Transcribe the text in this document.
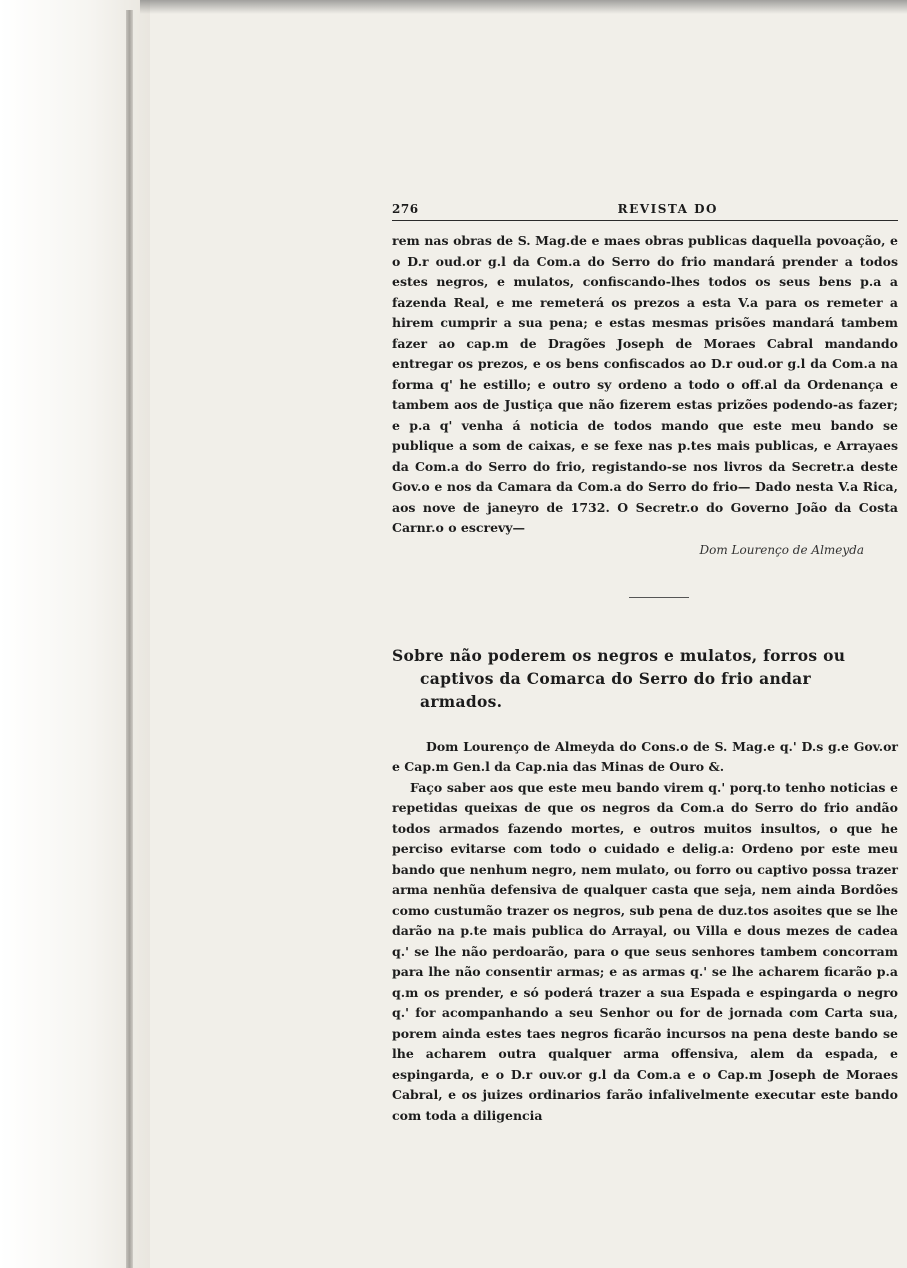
276	REVISTA DO

rem nas obras de S. Mag.de e maes obras publicas daquella povoação, e o D.r oud.or g.l da Com.a do Serro do frio mandará prender a todos estes negros, e mulatos, confiscando-lhes todos os seus bens p.a a fazenda Real, e me remeterá os prezos a esta V.a para os remeter a hirem cumprir a sua pena; e estas mesmas prisões mandará tambem fazer ao cap.m de Dragões Joseph de Moraes Cabral mandando entregar os prezos, e os bens confiscados ao D.r oud.or g.l da Com.a na forma q' he estillo; e outro sy ordeno a todo o off.al da Ordenança e tambem aos de Justiça que não fizerem estas prizões podendo-as fazer; e p.a q' venha á noticia de todos mando que este meu bando se publique a som de caixas, e se fexe nas p.tes mais publicas, e Arrayaes da Com.a do Serro do frio, registando-se nos livros da Secretr.a deste Gov.o e nos da Camara da Com.a do Serro do frio— Dado nesta V.a Rica, aos nove de janeyro de 1732. O Secretr.o do Governo João da Costa Carnr.o o escrevy—

Dom Lourenço de Almeyda
Sobre não poderem os negros e mulatos, forros ou captivos da Comarca do Serro do frio andar armados.

Dom Lourenço de Almeyda do Cons.o de S. Mag.e q.' D.s g.e Gov.or e Cap.m Gen.l da Cap.nia das Minas de Ouro &.

Faço saber aos que este meu bando virem q.' porq.to tenho noticias e repetidas queixas de que os negros da Com.a do Serro do frio andão todos armados fazendo mortes, e outros muitos insultos, o que he perciso evitarse com todo o cuidado e delig.a: Ordeno por este meu bando que nenhum negro, nem mulato, ou forro ou captivo possa trazer arma nenhũa defensiva de qualquer casta que seja, nem ainda Bordões como custumão trazer os negros, sub pena de duz.tos asoites que se lhe darão na p.te mais publica do Arrayal, ou Villa e dous mezes de cadea q.' se lhe não perdoarão, para o que seus senhores tambem concorram para lhe não consentir armas; e as armas q.' se lhe acharem ficarão p.a q.m os prender, e só poderá trazer a sua Espada e espingarda o negro q.' for acompanhando a seu Senhor ou for de jornada com Carta sua, porem ainda estes taes negros ficarão incursos na pena deste bando se lhe acharem outra qualquer arma offensiva, alem da espada, e espingarda, e o D.r ouv.or g.l da Com.a e o Cap.m Joseph de Moraes Cabral, e os juizes ordinarios farão infalivelmente executar este bando com toda a diligencia
